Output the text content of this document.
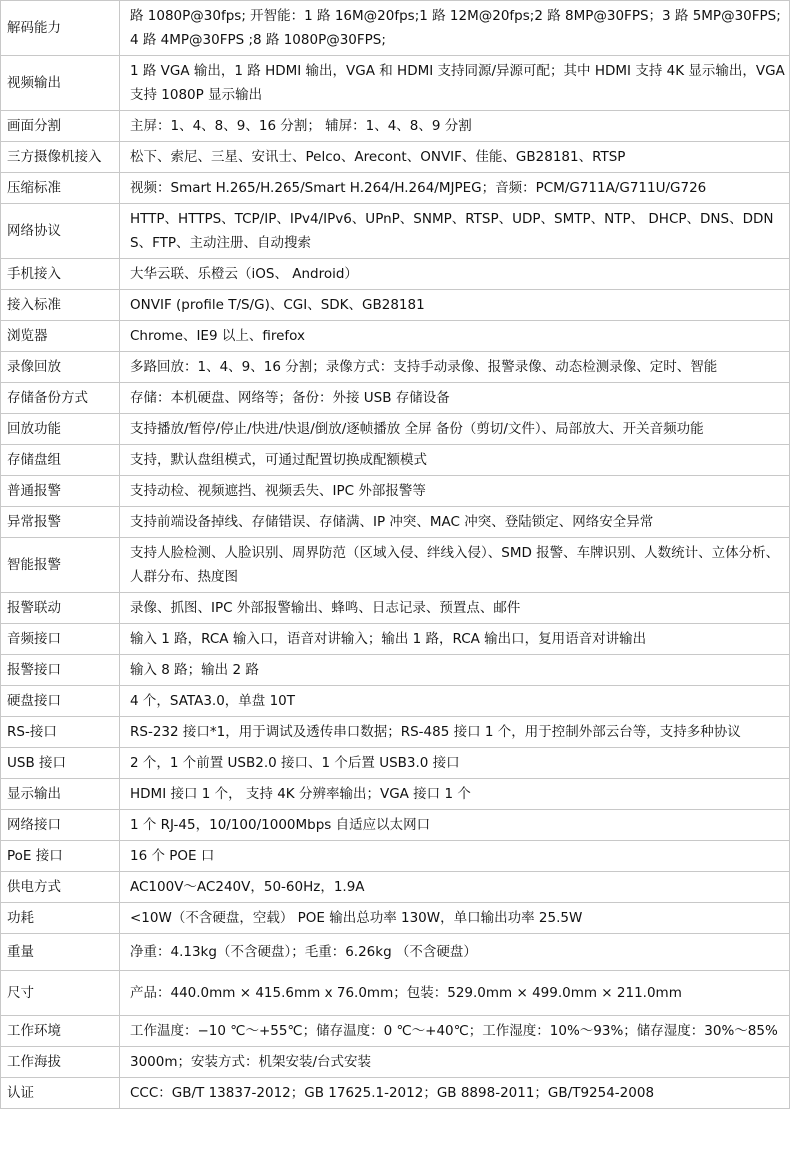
解码能力	路 1080P@30fps; 开智能：1 路 16M@20fps;1 路 12M@20fps;2 路 8MP@30FPS；3 路 5MP@30FPS; 4 路 4MP@30FPS ;8 路 1080P@30FPS;
视频输出	1 路 VGA 输出，1 路 HDMI 输出，VGA 和 HDMI 支持同源/异源可配；其中 HDMI 支持 4K 显示输出，VGA 支持 1080P 显示输出
画面分割	主屏：1、4、8、9、16 分割； 辅屏：1、4、8、9 分割
三方摄像机接入	松下、索尼、三星、安讯士、Pelco、Arecont、ONVIF、佳能、GB28181、RTSP
压缩标准	视频：Smart H.265/H.265/Smart H.264/H.264/MJPEG；音频：PCM/G711A/G711U/G726
网络协议	HTTP、HTTPS、TCP/IP、IPv4/IPv6、UPnP、SNMP、RTSP、UDP、SMTP、NTP、 DHCP、DNS、DDNS、FTP、主动注册、自动搜索
手机接入	大华云联、乐橙云（iOS、 Android）
接入标准	ONVIF (profile T/S/G)、CGI、SDK、GB28181
浏览器	Chrome、IE9 以上、firefox
录像回放	多路回放：1、4、9、16 分割；录像方式：支持手动录像、报警录像、动态检测录像、定时、智能
存储备份方式	存储：本机硬盘、网络等；备份：外接 USB 存储设备
回放功能	支持播放/暂停/停止/快进/快退/倒放/逐帧播放 全屏 备份（剪切/文件）、局部放大、开关音频功能
存储盘组	支持，默认盘组模式，可通过配置切换成配额模式
普通报警	支持动检、视频遮挡、视频丢失、IPC 外部报警等
异常报警	支持前端设备掉线、存储错误、存储满、IP 冲突、MAC 冲突、登陆锁定、网络安全异常
智能报警	支持人脸检测、人脸识别、周界防范（区域入侵、绊线入侵）、SMD 报警、车牌识别、人数统计、立体分析、人群分布、热度图
报警联动	录像、抓图、IPC 外部报警输出、蜂鸣、日志记录、预置点、邮件
音频接口	输入 1 路，RCA 输入口，语音对讲输入；输出 1 路，RCA 输出口，复用语音对讲输出
报警接口	输入 8 路；输出 2 路
硬盘接口	4 个，SATA3.0，单盘 10T
RS-接口	RS-232 接口*1，用于调试及透传串口数据；RS-485 接口 1 个，用于控制外部云台等，支持多种协议
USB 接口	2 个，1 个前置 USB2.0 接口、1 个后置 USB3.0 接口
显示输出	HDMI 接口 1 个， 支持 4K 分辨率输出；VGA 接口 1 个
网络接口	1 个 RJ-45，10/100/1000Mbps 自适应以太网口
PoE 接口	16 个 POE 口
供电方式	AC100V～AC240V，50-60Hz，1.9A
功耗	<10W（不含硬盘，空载） POE 输出总功率 130W，单口输出功率 25.5W
重量	净重：4.13kg（不含硬盘）；毛重：6.26kg （不含硬盘）
尺寸	产品：440.0mm × 415.6mm x 76.0mm；包装：529.0mm × 499.0mm × 211.0mm
工作环境	工作温度：−10 ℃～+55℃；储存温度：0 ℃～+40℃；工作湿度：10%～93%；储存湿度：30%～85%
工作海拔	3000m；安装方式：机架安装/台式安装
认证	CCC：GB/T 13837-2012；GB 17625.1-2012；GB 8898-2011；GB/T9254-2008
